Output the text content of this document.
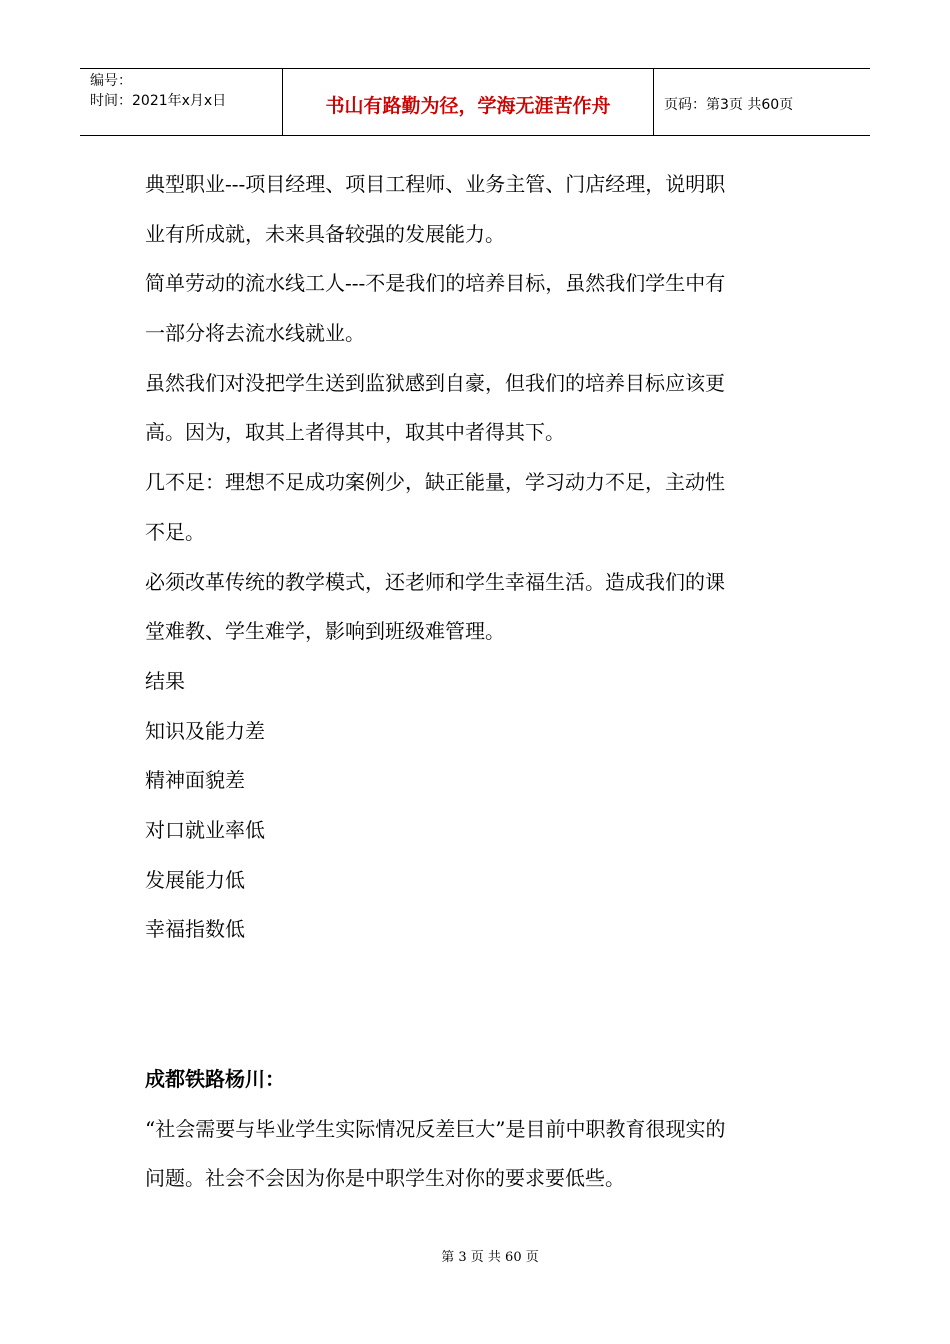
编号：
时间：2021年x月x日	书山有路勤为径，学海无涯苦作舟	页码：第3页 共60页
典型职业---项目经理、项目工程师、业务主管、门店经理，说明职
业有所成就，未来具备较强的发展能力。
简单劳动的流水线工人---不是我们的培养目标，虽然我们学生中有
一部分将去流水线就业。
虽然我们对没把学生送到监狱感到自豪，但我们的培养目标应该更
高。因为，取其上者得其中，取其中者得其下。
几不足：理想不足成功案例少，缺正能量，学习动力不足，主动性
不足。
必须改革传统的教学模式，还老师和学生幸福生活。造成我们的课
堂难教、学生难学，影响到班级难管理。
结果
知识及能力差
精神面貌差
对口就业率低
发展能力低
幸福指数低
成都铁路杨川：
“社会需要与毕业学生实际情况反差巨大”是目前中职教育很现实的
问题。社会不会因为你是中职学生对你的要求要低些。
第 3 页 共 60 页
